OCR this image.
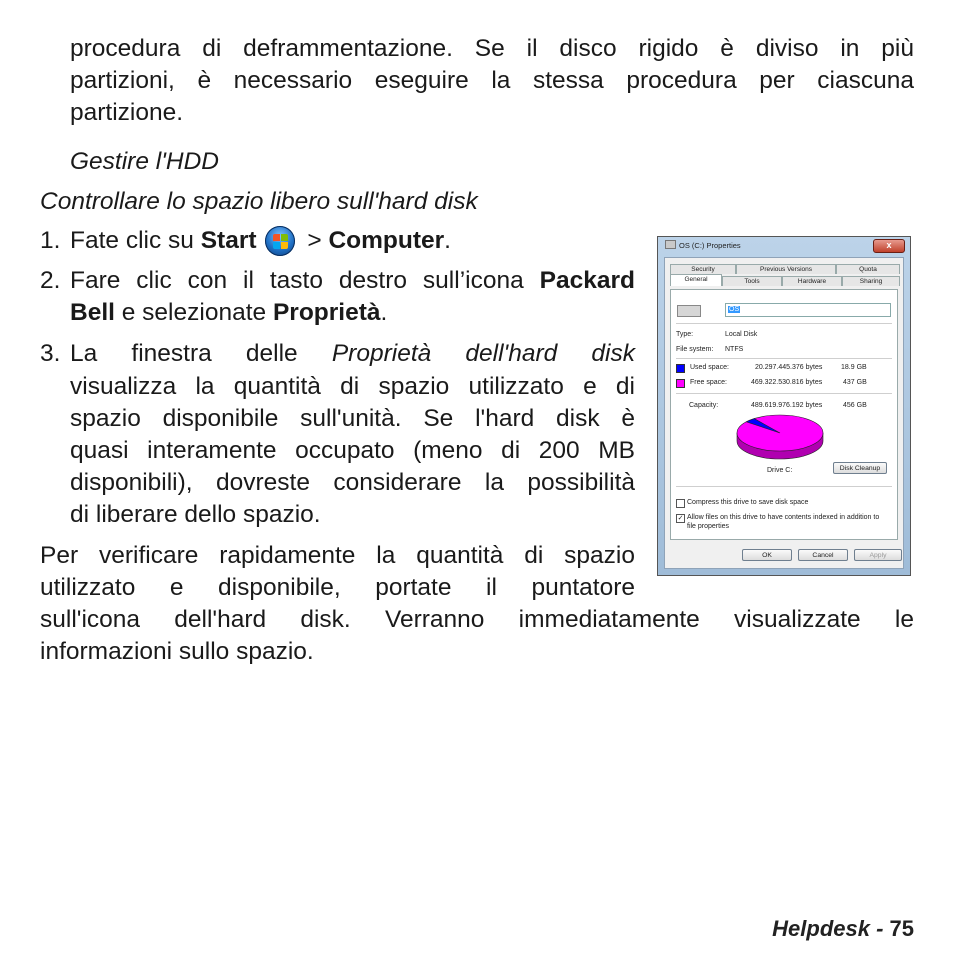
procedura di deframmentazione. Se il disco rigido è diviso in più
partizioni, è necessario eseguire la stessa procedura per ciascuna
partizione.
Gestire l'HDD
Controllare lo spazio libero sull'hard disk
1. Fate clic su Start
> Computer.
2. Fare clic con il tasto destro sull’icona Packard
Bell e selezionate Proprietà.
3. La finestra delle Proprietà dell'hard disk
visualizza la quantità di spazio utilizzato e di
spazio disponibile sull'unità. Se l'hard disk è
quasi interamente occupato (meno di 200 MB
disponibili), dovreste considerare la possibilità
di liberare dello spazio.
Per verificare rapidamente la quantità di spazio
utilizzato e disponibile, portate il puntatore
sull'icona dell'hard disk. Verranno immediatamente visualizzate le
informazioni sullo spazio.
OS (C:) Properties	x
Security	Previous Versions	Quota
General	Tools	Hardware	Sharing
OS
Type:	Local Disk
File system: NTFS
Used space:	20.297.445.376 bytes	18.9 GB
Free space:	469.322.530.816 bytes	437 GB
Capacity:	489.619.976.192 bytes	456 GB
Drive C:	Disk Cleanup
Compress this drive to save disk space
✓ Allow files on this drive to have contents indexed in addition to
file properties
OK	Cancel	Apply
Helpdesk - 75
